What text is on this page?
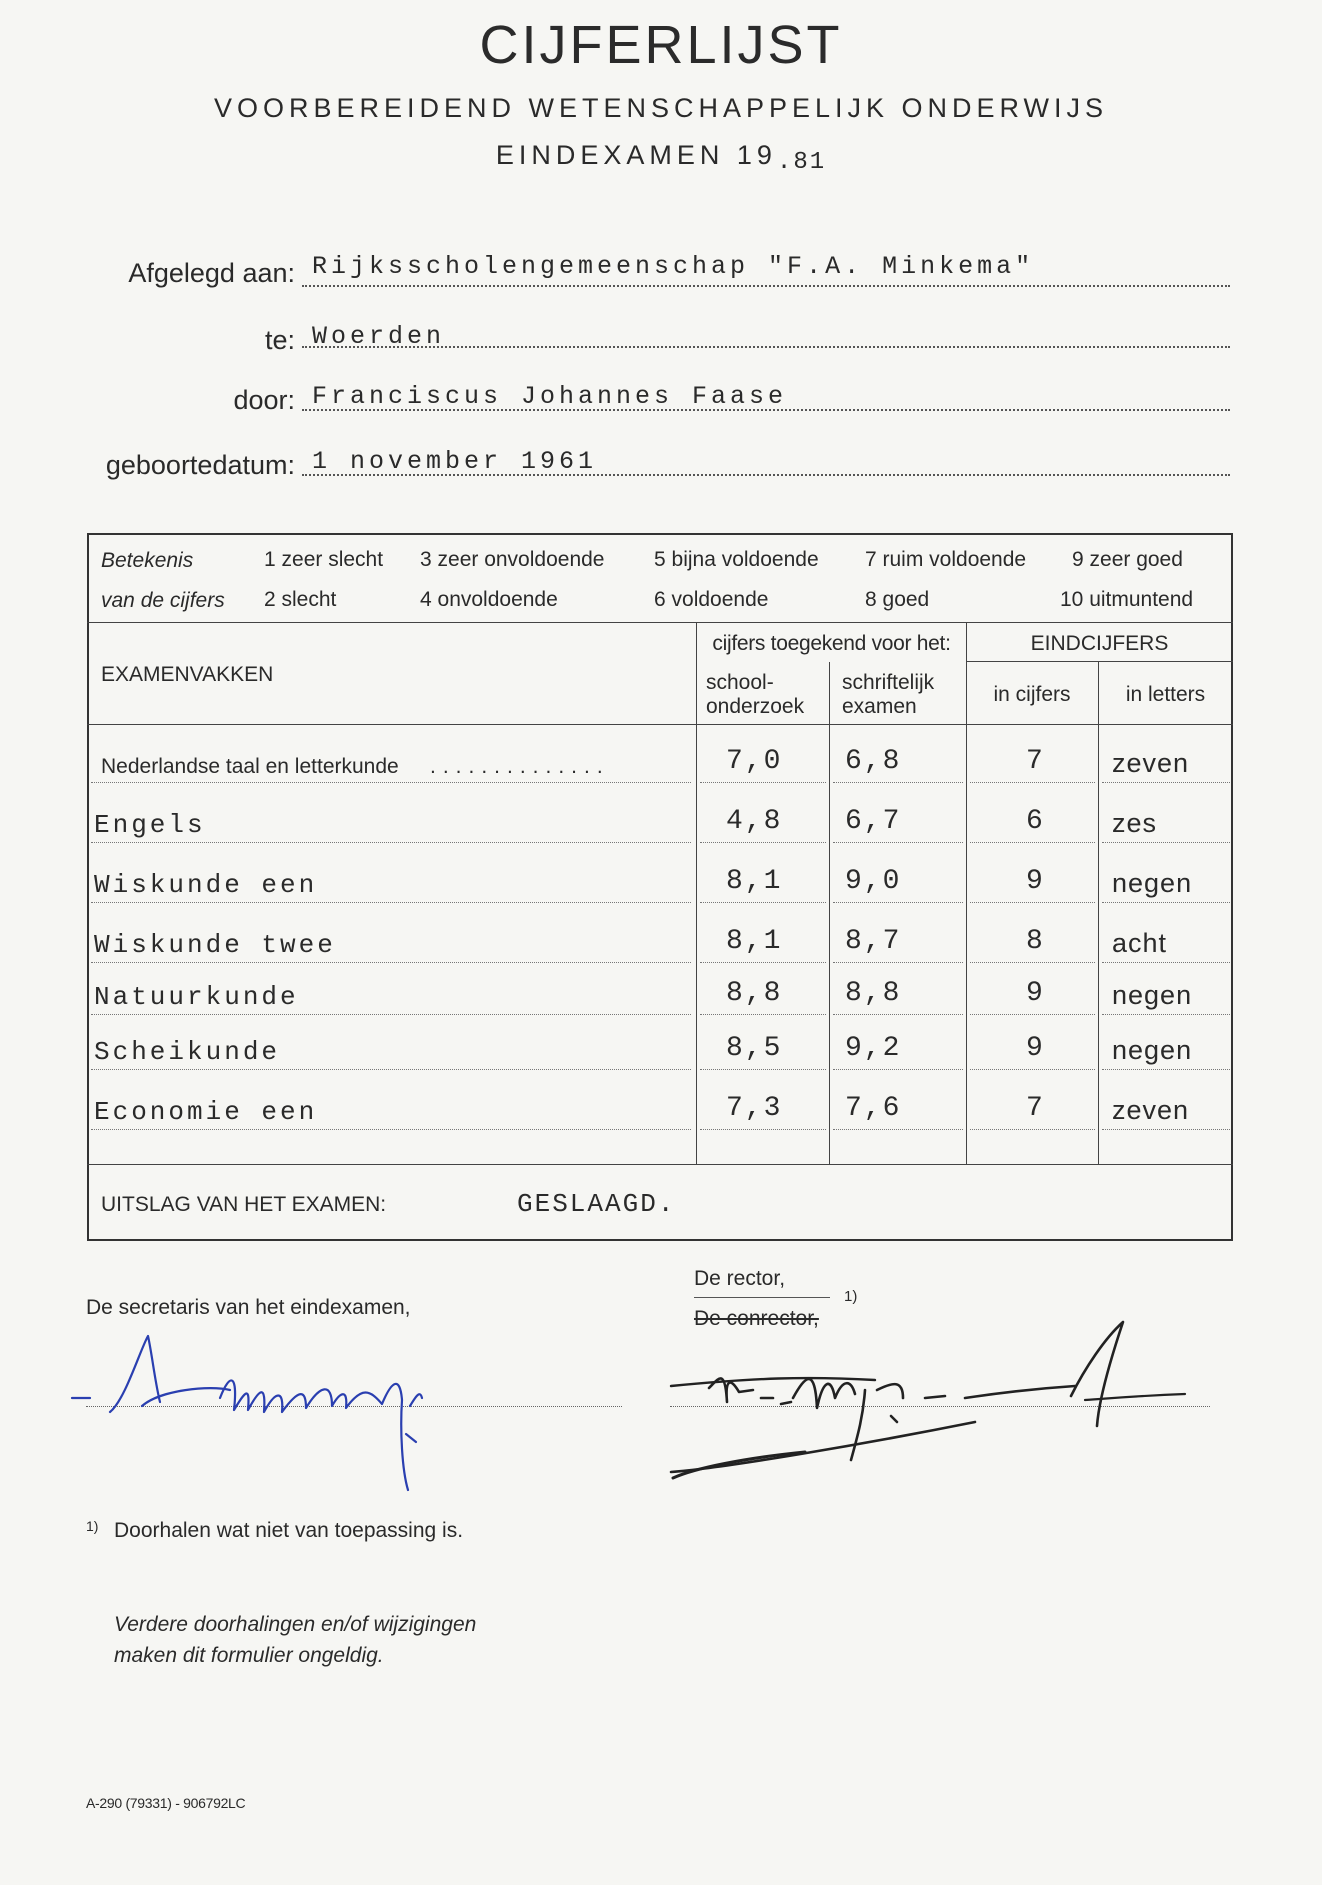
CIJFERLIJST
VOORBEREIDEND WETENSCHAPPELIJK ONDERWIJS
EINDEXAMEN 19.81
Afgelegd aan: Rijksscholengemeenschap "F.A. Minkema"
te: Woerden
door: Franciscus Johannes Faase
geboortedatum: 1 november 1961
Betekenis
van de cijfers
1 zeer slecht 3 zeer onvoldoende 5 bijna voldoende 7 ruim voldoende 9 zeer goed
2 slecht	4 onvoldoende	6 voldoende	8 goed	10 uitmuntend
EXAMENVAKKEN
cijfers toegekend voor het:	EINDCIJFERS
school-
onderzoek
schriftelijk
examen
in cijfers	in letters
Nederlandse taal en letterkunde	7,0 6,8	7 zeven
Engels	4,8 6,7	6 zes
Wiskunde een	8,1 9,0	9 negen
Wiskunde twee	8,1 8,7	8 acht
Natuurkunde	8,8 8,8	9 negen
Scheikunde	8,5 9,2	9 negen
Economie een	7,3 7,6	7 zeven
..............
UITSLAG VAN HET EXAMEN:	GESLAAGD.
De secretaris van het eindexamen,
De rector,
1)
De conrector,
1) Doorhalen wat niet van toepassing is.
Verdere doorhalingen en/of wijzigingen
maken dit formulier ongeldig.
A-290 (79331) - 906792LC
